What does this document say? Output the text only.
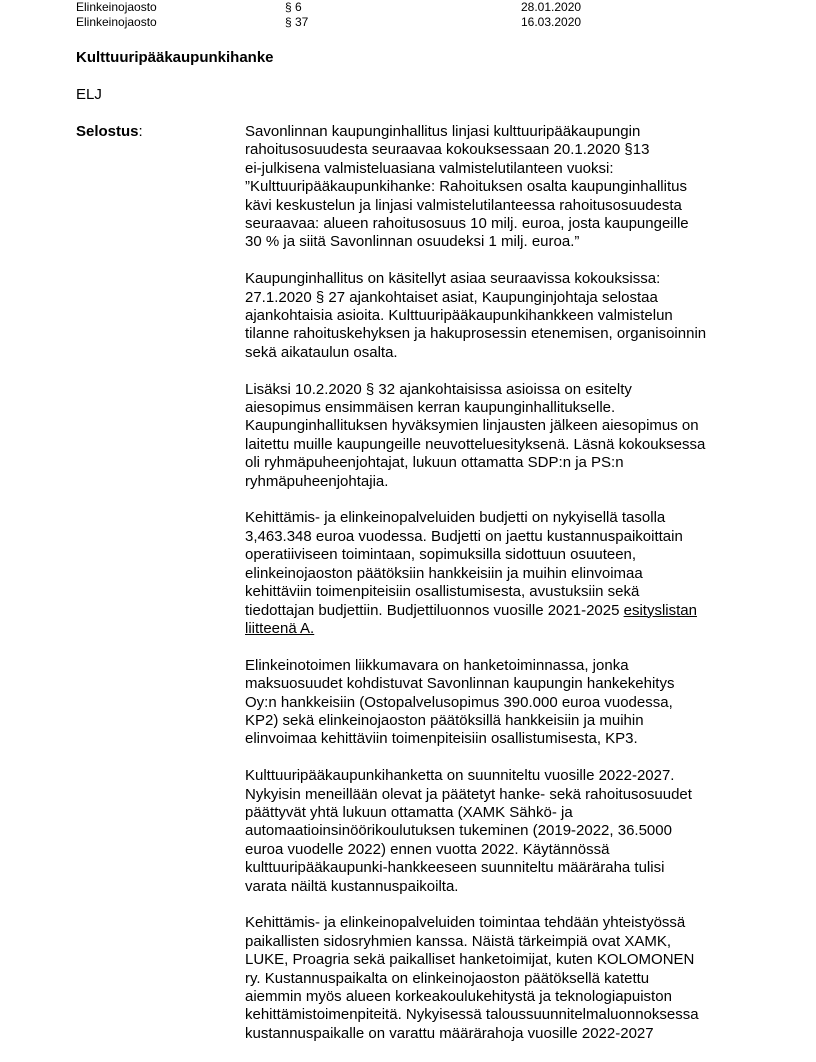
Elinkeinojaosto	§ 6	28.01.2020
Elinkeinojaosto	§ 37	16.03.2020
Kulttuuripääkaupunkihanke
ELJ
Selostus:	Savonlinnan kaupunginhallitus linjasi kulttuuripääkaupungin
rahoitusosuudesta seuraavaa kokouksessaan 20.1.2020 §13
ei-julkisena valmisteluasiana valmistelutilanteen vuoksi:
”Kulttuuripääkaupunkihanke: Rahoituksen osalta kaupunginhallitus
kävi keskustelun ja linjasi valmistelutilanteessa rahoitusosuudesta
seuraavaa: alueen rahoitusosuus 10 milj. euroa, josta kaupungeille
30 % ja siitä Savonlinnan osuudeksi 1 milj. euroa.”

Kaupunginhallitus on käsitellyt asiaa seuraavissa kokouksissa:
27.1.2020 § 27 ajankohtaiset asiat, Kaupunginjohtaja selostaa
ajankohtaisia asioita. Kulttuuripääkaupunkihankkeen valmistelun
tilanne rahoituskehyksen ja hakuprosessin etenemisen, organisoinnin
sekä aikataulun osalta.

Lisäksi 10.2.2020 § 32 ajankohtaisissa asioissa on esitelty
aiesopimus ensimmäisen kerran kaupunginhallitukselle.
Kaupunginhallituksen hyväksymien linjausten jälkeen aiesopimus on
laitettu muille kaupungeille neuvotteluesityksenä. Läsnä kokouksessa
oli ryhmäpuheenjohtajat, lukuun ottamatta SDP:n ja PS:n
ryhmäpuheenjohtajia.

Kehittämis- ja elinkeinopalveluiden budjetti on nykyisellä tasolla
3,463.348 euroa vuodessa. Budjetti on jaettu kustannuspaikoittain
operatiiviseen toimintaan, sopimuksilla sidottuun osuuteen,
elinkeinojaoston päätöksiin hankkeisiin ja muihin elinvoimaa
kehittäviin toimenpiteisiin osallistumisesta, avustuksiin sekä
tiedottajan budjettiin. Budjettiluonnos vuosille 2021-2025 esityslistan
liitteenä A.

Elinkeinotoimen liikkumavara on hanketoiminnassa, jonka
maksuosuudet kohdistuvat Savonlinnan kaupungin hankekehitys
Oy:n hankkeisiin (Ostopalvelusopimus 390.000 euroa vuodessa,
KP2) sekä elinkeinojaoston päätöksillä hankkeisiin ja muihin
elinvoimaa kehittäviin toimenpiteisiin osallistumisesta, KP3.

Kulttuuripääkaupunkihanketta on suunniteltu vuosille 2022-2027.
Nykyisin meneillään olevat ja päätetyt hanke- sekä rahoitusosuudet
päättyvät yhtä lukuun ottamatta (XAMK Sähkö- ja
automaatioinsinöörikoulutuksen tukeminen (2019-2022, 36.5000
euroa vuodelle 2022) ennen vuotta 2022. Käytännössä
kulttuuripääkaupunki-hankkeeseen suunniteltu määräraha tulisi
varata näiltä kustannuspaikoilta.

Kehittämis- ja elinkeinopalveluiden toimintaa tehdään yhteistyössä
paikallisten sidosryhmien kanssa. Näistä tärkeimpiä ovat XAMK,
LUKE, Proagria sekä paikalliset hanketoimijat, kuten KOLOMONEN
ry. Kustannuspaikalta on elinkeinojaoston päätöksellä katettu
aiemmin myös alueen korkeakoulukehitystä ja teknologiapuiston
kehittämistoimenpiteitä. Nykyisessä taloussuunnitelmaluonnoksessa
kustannuspaikalle on varattu määrärahoja vuosille 2022-2027
